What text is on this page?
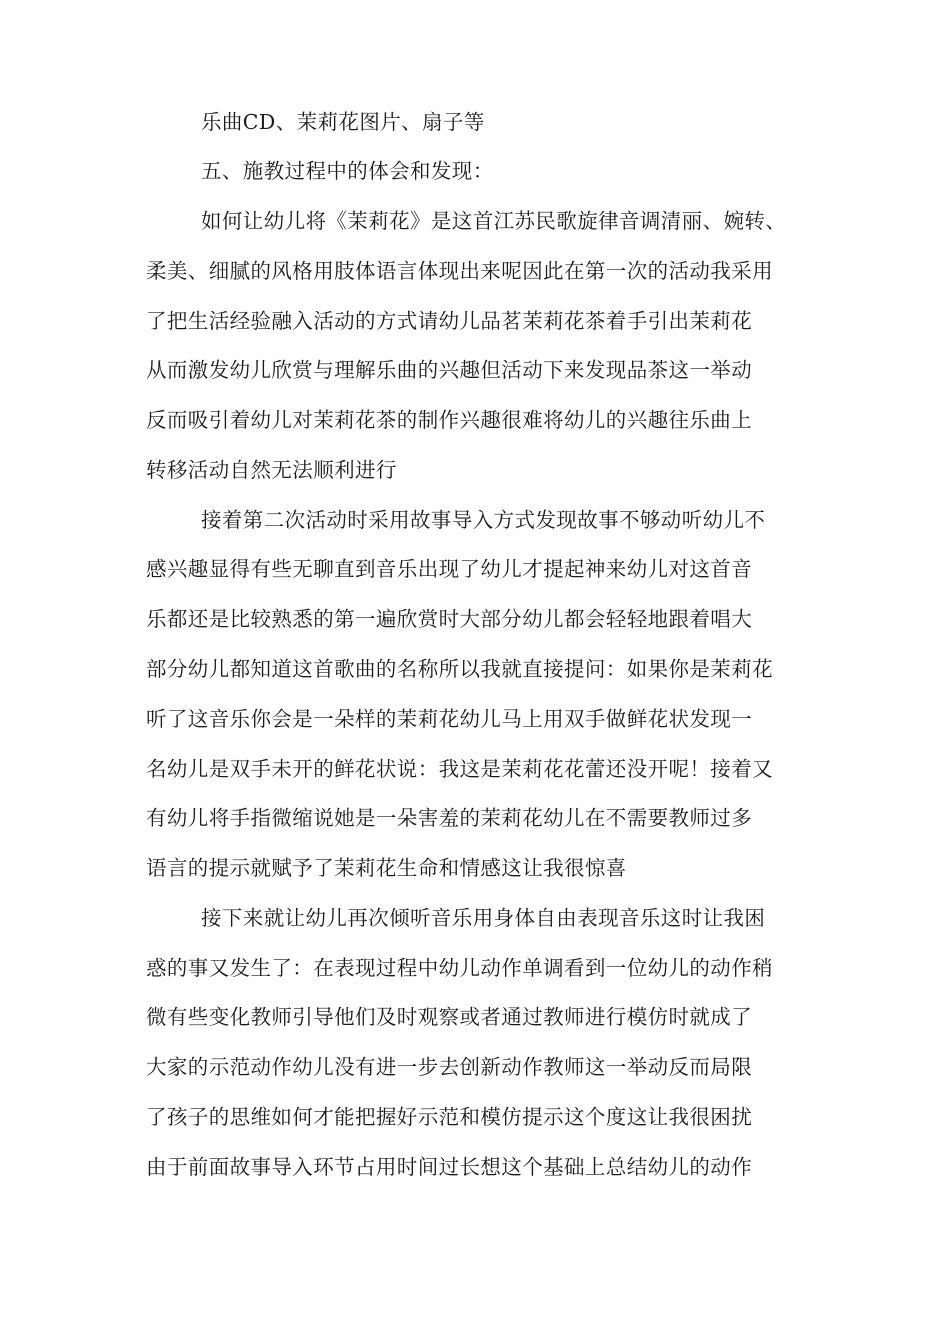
乐曲CD、茉莉花图片、扇子等
五、施教过程中的体会和发现：
如何让幼儿将《茉莉花》是这首江苏民歌旋律音调清丽、婉转、
柔美、细腻的风格用肢体语言体现出来呢因此在第一次的活动我采用
了把生活经验融入活动的方式请幼儿品茗茉莉花茶着手引出茉莉花
从而激发幼儿欣赏与理解乐曲的兴趣但活动下来发现品茶这一举动
反而吸引着幼儿对茉莉花茶的制作兴趣很难将幼儿的兴趣往乐曲上
转移活动自然无法顺利进行
接着第二次活动时采用故事导入方式发现故事不够动听幼儿不
感兴趣显得有些无聊直到音乐出现了幼儿才提起神来幼儿对这首音
乐都还是比较熟悉的第一遍欣赏时大部分幼儿都会轻轻地跟着唱大
部分幼儿都知道这首歌曲的名称所以我就直接提问：如果你是茉莉花
听了这音乐你会是一朵样的茉莉花幼儿马上用双手做鲜花状发现一
名幼儿是双手未开的鲜花状说：我这是茉莉花花蕾还没开呢！接着又
有幼儿将手指微缩说她是一朵害羞的茉莉花幼儿在不需要教师过多
语言的提示就赋予了茉莉花生命和情感这让我很惊喜
接下来就让幼儿再次倾听音乐用身体自由表现音乐这时让我困
惑的事又发生了：在表现过程中幼儿动作单调看到一位幼儿的动作稍
微有些变化教师引导他们及时观察或者通过教师进行模仿时就成了
大家的示范动作幼儿没有进一步去创新动作教师这一举动反而局限
了孩子的思维如何才能把握好示范和模仿提示这个度这让我很困扰
由于前面故事导入环节占用时间过长想这个基础上总结幼儿的动作
